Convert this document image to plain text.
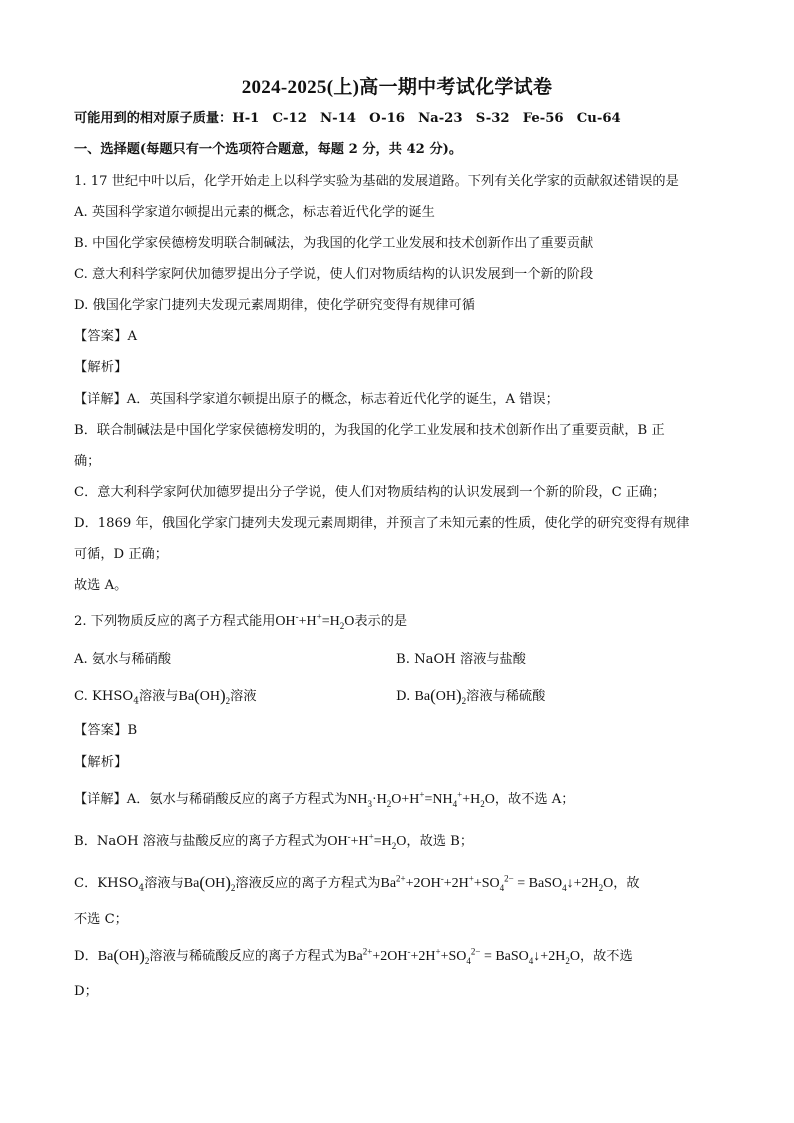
2024-2025(上)高一期中考试化学试卷
可能用到的相对原子质量：H-1　C-12　N-14　O-16　Na-23　S-32　Fe-56　Cu-64
一、选择题(每题只有一个选项符合题意，每题 2 分，共 42 分)。
1. 17 世纪中叶以后，化学开始走上以科学实验为基础的发展道路。下列有关化学家的贡献叙述错误的是
A. 英国科学家道尔顿提出元素的概念，标志着近代化学的诞生
B. 中国化学家侯德榜发明联合制碱法，为我国的化学工业发展和技术创新作出了重要贡献
C. 意大利科学家阿伏加德罗提出分子学说，使人们对物质结构的认识发展到一个新的阶段
D. 俄国化学家门捷列夫发现元素周期律，使化学研究变得有规律可循
【答案】A
【解析】
【详解】A．英国科学家道尔顿提出原子的概念，标志着近代化学的诞生，A 错误；
B．联合制碱法是中国化学家侯德榜发明的，为我国的化学工业发展和技术创新作出了重要贡献，B 正
确；
C．意大利科学家阿伏加德罗提出分子学说，使人们对物质结构的认识发展到一个新的阶段，C 正确；
D．1869 年，俄国化学家门捷列夫发现元素周期律，并预言了未知元素的性质，使化学的研究变得有规律
可循，D 正确；
故选 A。
2. 下列物质反应的离子方程式能用$OH^-+H^+=H_2O$表示的是
A. 氨水与稀硝酸	B. NaOH 溶液与盐酸
C. $KHSO_4$溶液与$Ba(OH)_2$溶液	D. $Ba(OH)_2$溶液与稀硫酸
【答案】B
【解析】
【详解】A．氨水与稀硝酸反应的离子方程式为$NH_3\cdot H_2O+H^+=NH_4^++H_2O$，故不选 A；
B．NaOH 溶液与盐酸反应的离子方程式为$OH^-+H^+=H_2O$，故选 B；
C．$KHSO_4$溶液与$Ba(OH)_2$溶液反应的离子方程式为$Ba^{2+}+2OH^-+2H^++SO_4^{2-}$ = $BaSO_4↓+2H_2O$，故
不选 C；
D．$Ba(OH)_2$溶液与稀硫酸反应的离子方程式为$Ba^{2+}+2OH^-+2H^++SO_4^{2-}$ = $BaSO_4↓+2H_2O$，故不选
D；
